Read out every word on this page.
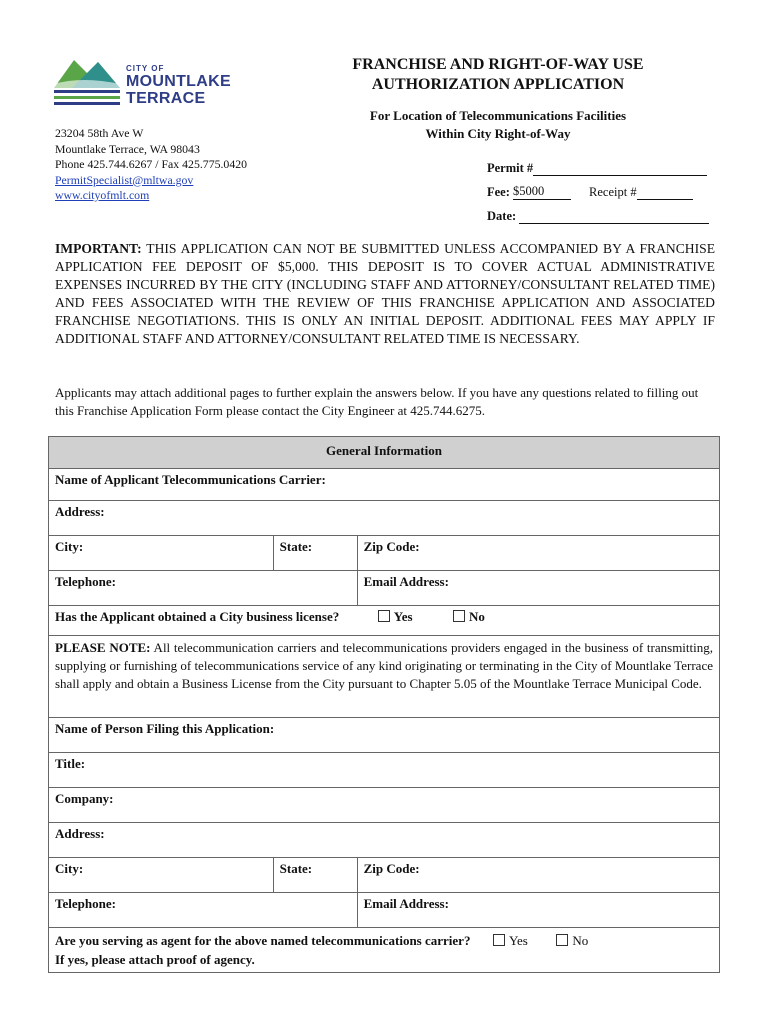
CITY OF
MOUNTLAKE
TERRACE
23204 58th Ave W
Mountlake Terrace, WA 98043
Phone 425.744.6267 / Fax 425.775.0420
PermitSpecialist@mltwa.gov
www.cityofmlt.com
FRANCHISE AND RIGHT-OF-WAY USE
AUTHORIZATION APPLICATION
For Location of Telecommunications Facilities
Within City Right-of-Way
Permit #
Fee:
$5000	Receipt #
Date:

IMPORTANT: THIS APPLICATION CAN NOT BE SUBMITTED UNLESS ACCOMPANIED BY A FRANCHISE APPLICATION FEE DEPOSIT OF $5,000. THIS DEPOSIT IS TO COVER ACTUAL ADMINISTRATIVE EXPENSES INCURRED BY THE CITY (INCLUDING STAFF AND ATTORNEY/CONSULTANT RELATED TIME) AND FEES ASSOCIATED WITH THE REVIEW OF THIS FRANCHISE APPLICATION AND ASSOCIATED FRANCHISE NEGOTIATIONS. THIS IS ONLY AN INITIAL DEPOSIT. ADDITIONAL FEES MAY APPLY IF ADDITIONAL STAFF AND ATTORNEY/CONSULTANT RELATED TIME IS NECESSARY.
Applicants may attach additional pages to further explain the answers below. If you have any questions related to filling out this Franchise Application Form please contact the City Engineer at 425.744.6275.
General Information		
Name of Applicant Telecommunications Carrier:		
Address:		
City:	State:	Zip Code:
Telephone:		Email Address:
Has the Applicant obtained a City business license? Yes No		
PLEASE NOTE: All telecommunication carriers and telecommunications providers engaged in the business of transmitting, supplying or furnishing of telecommunications service of any kind originating or terminating in the City of Mountlake Terrace shall apply and obtain a Business License from the City pursuant to Chapter 5.05 of the Mountlake Terrace Municipal Code.		
Name of Person Filing this Application:		
Title:		
Company:		
Address:		
City:	State:	Zip Code:
Telephone:		Email Address:
Are you serving as agent for the above named telecommunications carrier? Yes No
If yes, please attach proof of agency.		
